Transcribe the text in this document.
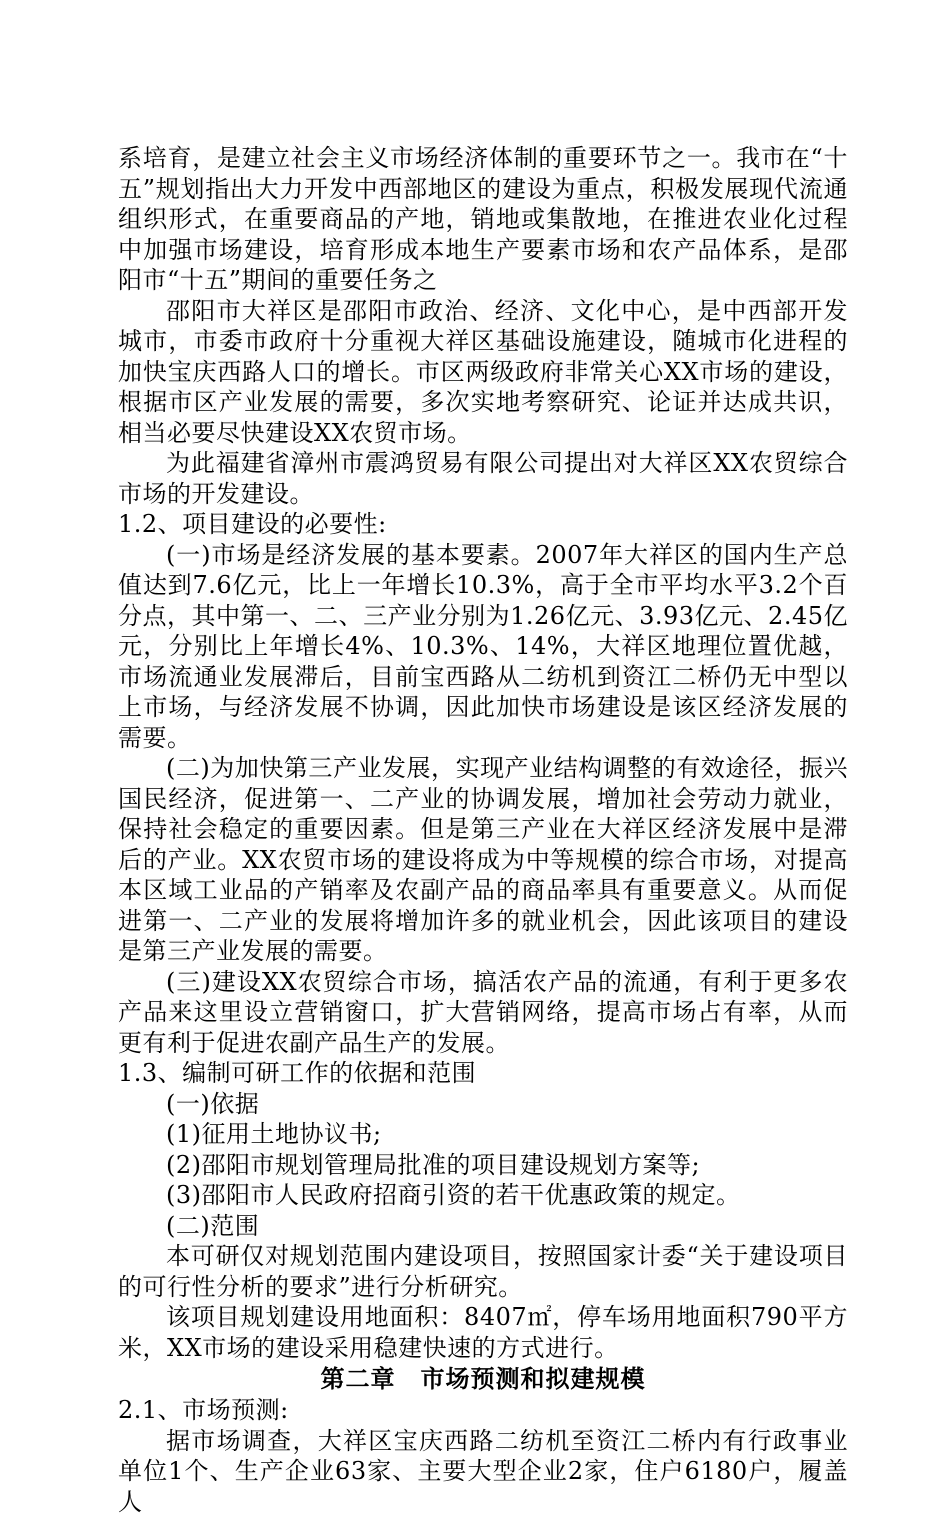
系培育，是建立社会主义市场经济体制的重要环节之一。我市在“十五”规划指出大力开发中西部地区的建设为重点，积极发展现代流通组织形式，在重要商品的产地，销地或集散地，在推进农业化过程中加强市场建设，培育形成本地生产要素市场和农产品体系，是邵阳市“十五”期间的重要任务之

邵阳市大祥区是邵阳市政治、经济、文化中心，是中西部开发城市，市委市政府十分重视大祥区基础设施建设，随城市化进程的加快宝庆西路人口的增长。市区两级政府非常关心XX市场的建设，根据市区产业发展的需要，多次实地考察研究、论证并达成共识，相当必要尽快建设XX农贸市场。

为此福建省漳州市震鸿贸易有限公司提出对大祥区XX农贸综合市场的开发建设。

1.2、项目建设的必要性:

(一)市场是经济发展的基本要素。2007年大祥区的国内生产总值达到7.6亿元，比上一年增长10.3%，高于全市平均水平3.2个百分点，其中第一、二、三产业分别为1.26亿元、3.93亿元、2.45亿元，分别比上年增长4%、10.3%、14%，大祥区地理位置优越，市场流通业发展滞后，目前宝西路从二纺机到资江二桥仍无中型以上市场，与经济发展不协调，因此加快市场建设是该区经济发展的需要。

(二)为加快第三产业发展，实现产业结构调整的有效途径，振兴国民经济，促进第一、二产业的协调发展，增加社会劳动力就业，保持社会稳定的重要因素。但是第三产业在大祥区经济发展中是滞后的产业。XX农贸市场的建设将成为中等规模的综合市场，对提高本区域工业品的产销率及农副产品的商品率具有重要意义。从而促进第一、二产业的发展将增加许多的就业机会，因此该项目的建设是第三产业发展的需要。

(三)建设XX农贸综合市场，搞活农产品的流通，有利于更多农产品来这里设立营销窗口，扩大营销网络，提高市场占有率，从而更有利于促进农副产品生产的发展。

1.3、编制可研工作的依据和范围

(一)依据

(1)征用土地协议书;

(2)邵阳市规划管理局批准的项目建设规划方案等;

(3)邵阳市人民政府招商引资的若干优惠政策的规定。

(二)范围

本可研仅对规划范围内建设项目，按照国家计委“关于建设项目的可行性分析的要求”进行分析研究。

该项目规划建设用地面积：8407㎡，停车场用地面积790平方米，XX市场的建设采用稳建快速的方式进行。

第二章　市场预测和拟建规模

2.1、市场预测:

据市场调查，大祥区宝庆西路二纺机至资江二桥内有行政事业单位1个、生产企业63家、主要大型企业2家，住户6180户，履盖人
